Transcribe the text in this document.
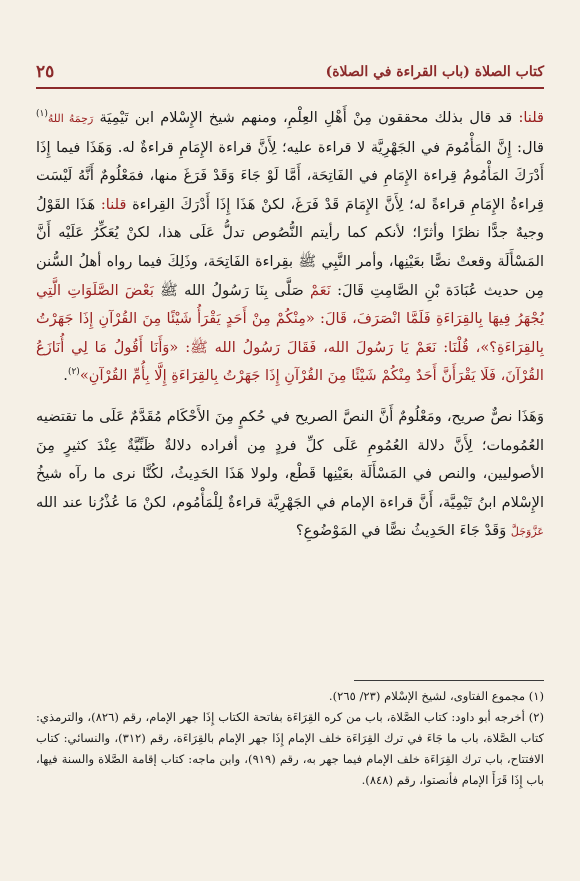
كتاب الصلاة (باب القراءة في الصلاة)
٢٥

قلنا: قد قال بذلك محققون مِنْ أَهْلِ العِلْمِ، ومنهم شيخ الإِسْلام ابن تَيْمِيَة رَحِمَهُ اللهُ$^{(١)}$ قال: إِنَّ المَأْمُومَ في الجَهْرِيَّة لا قراءة عليه؛ لِأَنَّ قراءة الإِمَامِ قراءةٌ له. وَهَذَا فيما إِذَا أَدْرَكَ المَأْمُومُ قِراءة الإِمَامِ في الفَاتِحَة، أَمَّا لَوْ جَاءَ وَقَدْ فَرَغَ منها، فمَعْلُومٌ أَنَّهُ لَيْسَت قِراءةُ الإِمَامِ قراءةً له؛ لِأَنَّ الإِمَامَ قَدْ فَرَغَ، لكنْ هَذَا إِذَا أَدْرَكَ القِراءة قلنا: هَذَا القَوْلُ وجيهٌ جدًّا نظرًا وأثرًا؛ لأنكم كما رأيتم النُّصُوص تدلُّ عَلَى هذا، لكنْ يُعَكِّرُ عَلَيْه أَنَّ المَسْأَلَة وقعتْ نصًّا بعَيْنِها، وأمر النَّبِي ﷺ بقِراءة الفَاتِحَة، وذَلِكَ فيما رواه أهلُ السُّنن مِن حديث عُبَادَة بْنِ الصَّامِتِ قَالَ: نَعَمْ صَلَّى بِنَا رَسُولُ الله ﷺ بَعْضَ الصَّلَوَاتِ الَّتِي يُجْهَرُ فِيهَا بِالقِرَاءَةِ فَلَمَّا انْصَرَفَ، قَالَ: «مِنْكُمْ مِنْ أَحَدٍ يَقْرَأُ شَيْئًا مِنَ القُرْآنِ إِذَا جَهَرْتُ بِالقِرَاءَةِ؟»، قُلْنَا: نَعَمْ يَا رَسُولَ الله، فَقَالَ رَسُولُ الله ﷺ: «وَأَنَا أَقُولُ مَا لِي أُنَازَعُ القُرْآنَ، فَلَا يَقْرَأَنَّ أَحَدٌ مِنْكُمْ شَيْئًا مِنَ القُرْآنِ إِذَا جَهَرْتُ بِالقِرَاءَةِ إِلَّا بِأُمِّ القُرْآنِ»$^{(٢)}$.

وَهَذَا نصٌّ صريح، ومَعْلُومٌ أَنَّ النصَّ الصريح في حُكمٍ مِنَ الأَحْكَام مُقَدَّمٌ عَلَى ما تقتضيه العُمُومات؛ لِأَنَّ دلالة العُمُومِ عَلَى كلِّ فردٍ مِن أفراده دلالةٌ ظَنِّيَّةٌ عِنْدَ كثيرٍ مِنَ الأصوليين، والنص في المَسْأَلَة بعَيْنِها قَطْع، ولولا هَذَا الحَدِيثُ، لكُنَّا نرى ما رآه شيخُ الإِسْلام ابنُ تَيْمِيَّة، أَنَّ قراءة الإمام في الجَهْرِيَّة قراءةٌ لِلْمَأْمُوم، لكنْ مَا عُذْرُنا عند الله عَزَّوَجَلَّ وَقَدْ جَاءَ الحَدِيثُ نصًّا في المَوْضُوعِ؟

(١) مجموع الفتاوى، لشيخ الإسْلام (٢٣/ ٢٦٥).

(٢) أخرجه أبو داود: كتاب الصَّلاة، باب من كره القِرَاءَة بفاتحة الكتاب إِذَا جهر الإمام، رقم (٨٢٦)، والترمذي: كتاب الصَّلاة، باب ما جَاءَ في ترك القِرَاءَة خلف الإمام إِذَا جهر الإمام بالقِرَاءَة، رقم (٣١٢)، والنسائي: كتاب الافتتاح، باب ترك القِرَاءَة خلف الإمام فيما جهر به، رقم (٩١٩)، وابن ماجه: كتاب إقامة الصَّلاة والسنة فيها، باب إِذَا قَرَأَ الإمام فأنصتوا، رقم (٨٤٨).
